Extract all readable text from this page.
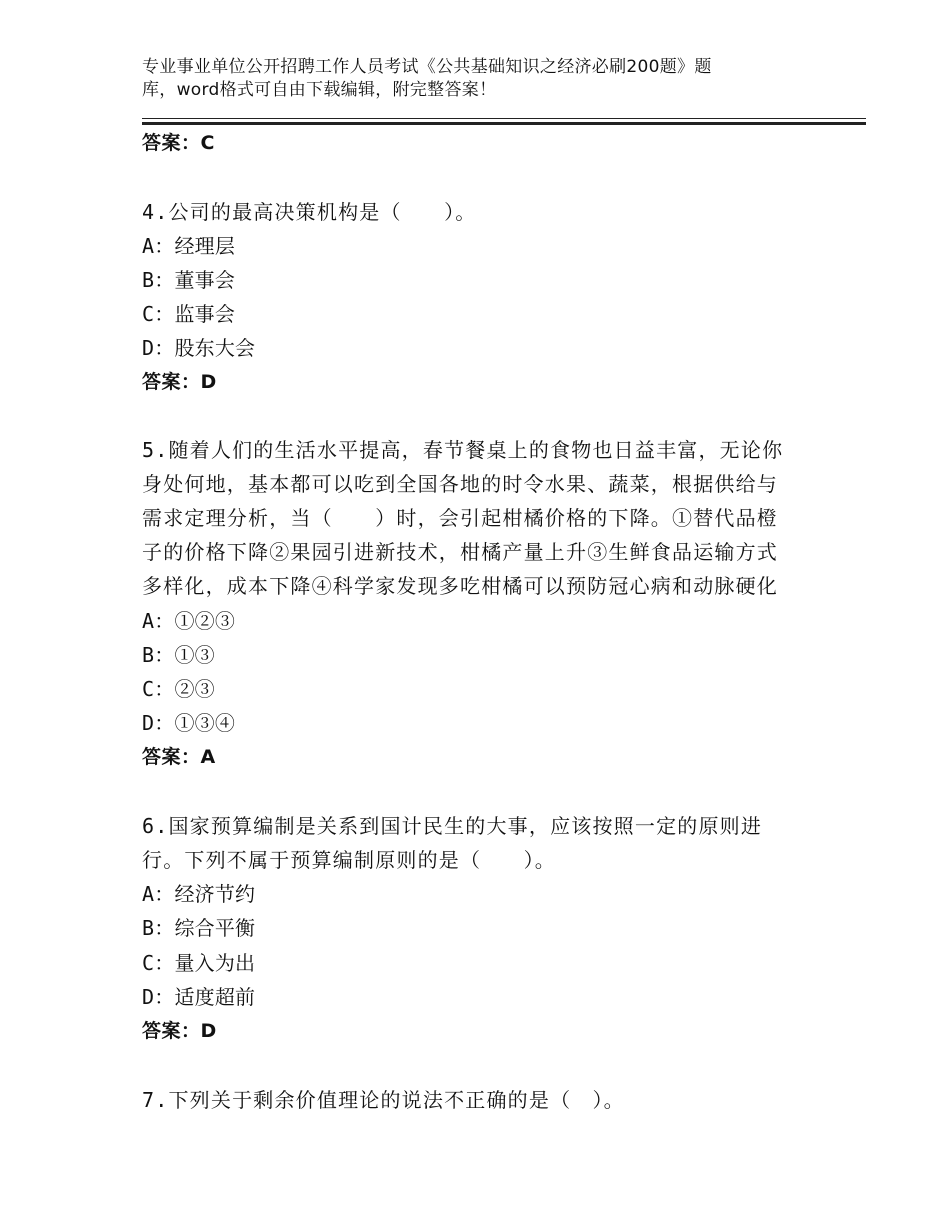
专业事业单位公开招聘工作人员考试《公共基础知识之经济必刷200题》题
库，word格式可自由下载编辑，附完整答案！
答案：C
4.公司的最高决策机构是（　　）。
A：经理层
B：董事会
C：监事会
D：股东大会
答案：D
5.随着人们的生活水平提高，春节餐桌上的食物也日益丰富，无论你
身处何地，基本都可以吃到全国各地的时令水果、蔬菜，根据供给与
需求定理分析，当（　　）时，会引起柑橘价格的下降。①替代品橙
子的价格下降②果园引进新技术，柑橘产量上升③生鲜食品运输方式
多样化，成本下降④科学家发现多吃柑橘可以预防冠心病和动脉硬化
A：①②③
B：①③
C：②③
D：①③④
答案：A
6.国家预算编制是关系到国计民生的大事，应该按照一定的原则进
行。下列不属于预算编制原则的是（　　）。
A：经济节约
B：综合平衡
C：量入为出
D：适度超前
答案：D
7.下列关于剩余价值理论的说法不正确的是（　）。
